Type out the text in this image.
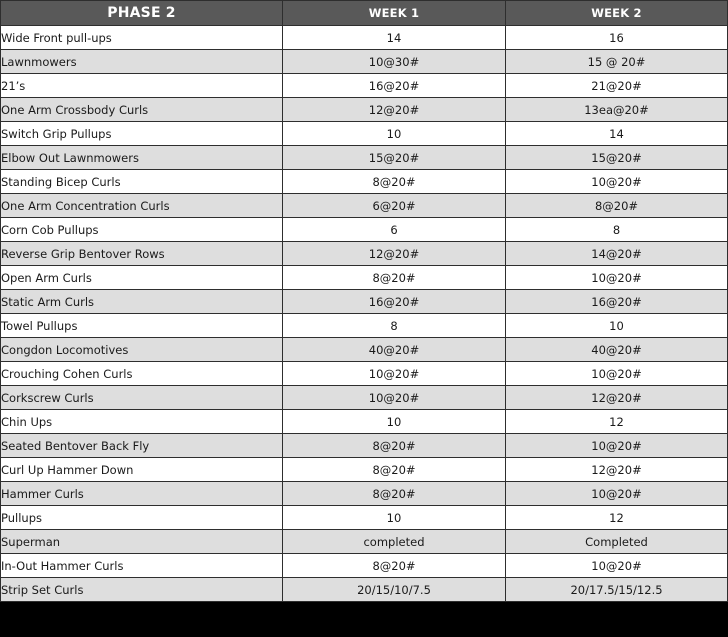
PHASE 2	WEEK 1	WEEK 2
Wide Front pull-ups	14	16
Lawnmowers	10@30#	15 @ 20#
21’s	16@20#	21@20#
One Arm Crossbody Curls	12@20#	13ea@20#
Switch Grip Pullups	10	14
Elbow Out Lawnmowers	15@20#	15@20#
Standing Bicep Curls	8@20#	10@20#
One Arm Concentration Curls	6@20#	8@20#
Corn Cob Pullups	6	8
Reverse Grip Bentover Rows	12@20#	14@20#
Open Arm Curls	8@20#	10@20#
Static Arm Curls	16@20#	16@20#
Towel Pullups	8	10
Congdon Locomotives	40@20#	40@20#
Crouching Cohen Curls	10@20#	10@20#
Corkscrew Curls	10@20#	12@20#
Chin Ups	10	12
Seated Bentover Back Fly	8@20#	10@20#
Curl Up Hammer Down	8@20#	12@20#
Hammer Curls	8@20#	10@20#
Pullups	10	12
Superman	completed	Completed
In-Out Hammer Curls	8@20#	10@20#
Strip Set Curls	20/15/10/7.5	20/17.5/15/12.5
